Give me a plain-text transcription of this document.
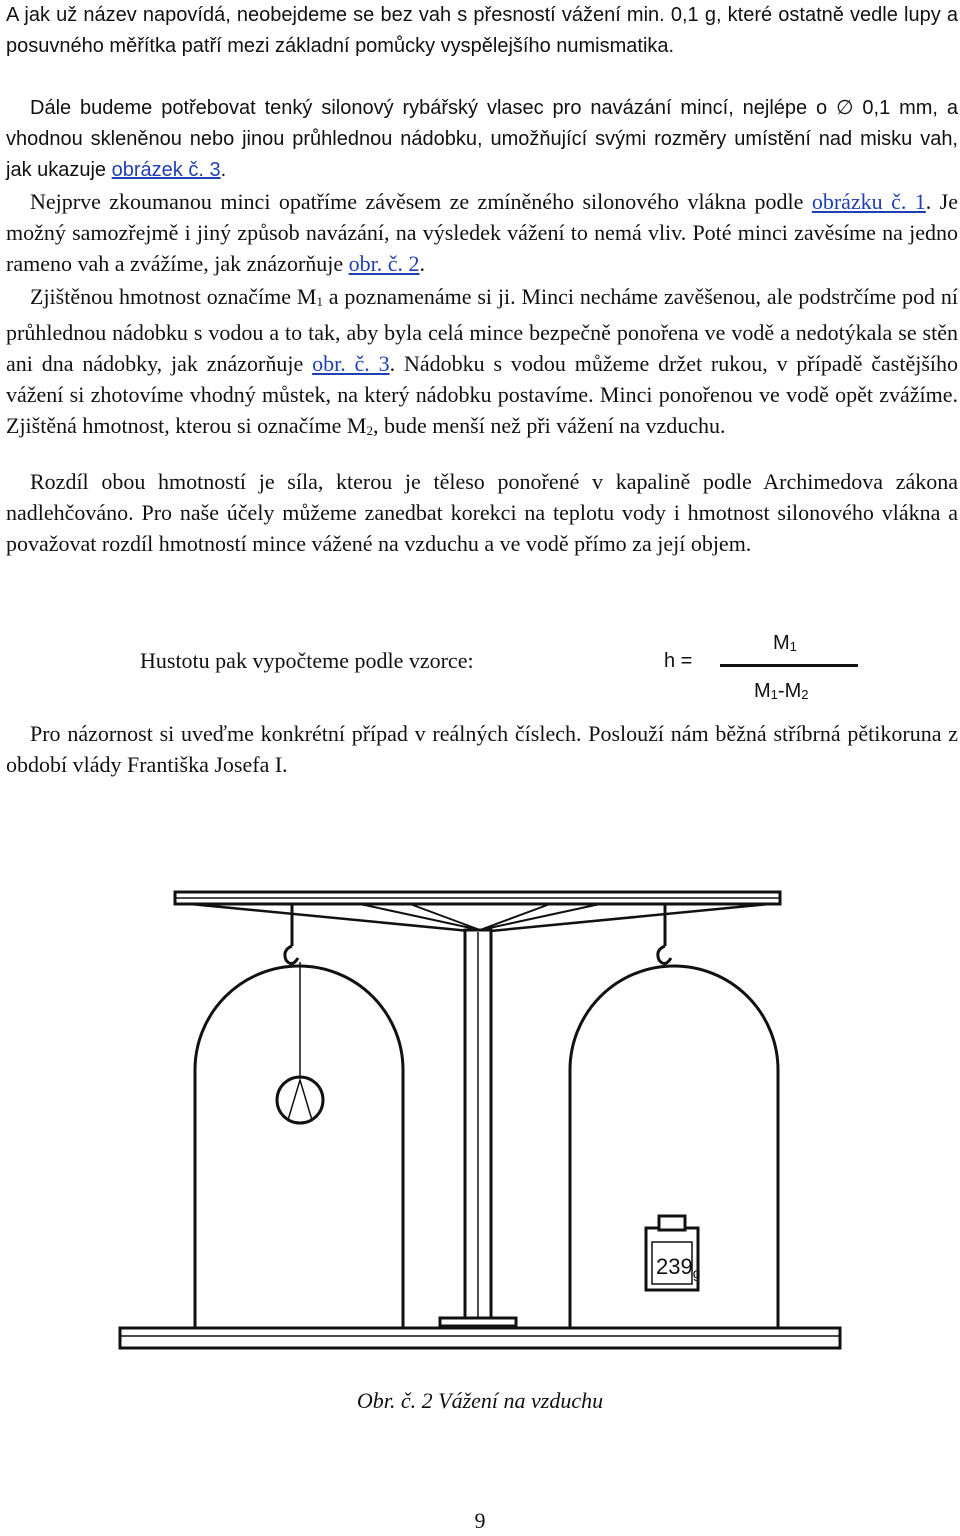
A jak už název napovídá, neobejdeme se bez vah s přesností vážení min. 0,1 g, které ostatně vedle lupy a posuvného měřítka patří mezi základní pomůcky vyspělejšího numismatika.

Dále budeme potřebovat tenký silonový rybářský vlasec pro navázání mincí, nejlépe o ∅ 0,1 mm, a vhodnou skleněnou nebo jinou průhlednou nádobku, umožňující svými rozměry umístění nad misku vah, jak ukazuje obrázek č. 3.

Nejprve zkoumanou minci opatříme závěsem ze zmíněného silonového vlákna podle obrázku č. 1. Je možný samozřejmě i jiný způsob navázání, na výsledek vážení to nemá vliv. Poté minci zavěsíme na jedno rameno vah a zvážíme, jak znázorňuje obr. č. 2.

Zjištěnou hmotnost označíme $M_1$ a poznamenáme si ji. Minci necháme zavěšenou, ale podstrčíme pod ní průhlednou nádobku s vodou a to tak, aby byla celá mince bezpečně ponořena ve vodě a nedotýkala se stěn ani dna nádobky, jak znázorňuje obr. č. 3. Nádobku s vodou můžeme držet rukou, v případě častějšího vážení si zhotovíme vhodný můstek, na který nádobku postavíme. Minci ponořenou ve vodě opět zvážíme. Zjištěná hmotnost, kterou si označíme $M_2$, bude menší než při vážení na vzduchu.

Rozdíl obou hmotností je síla, kterou je těleso ponořené v kapalině podle Archimedova zákona nadlehčováno. Pro naše účely můžeme zanedbat korekci na teplotu vody i hmotnost silonového vlákna a považovat rozdíl hmotností mince vážené na vzduchu a ve vodě přímo za její objem.

Hustotu pak vypočteme podle vzorce:	h =
$M_1$
$M_1-M_2$

Pro názornost si uveďme konkrétní případ v reálných číslech. Poslouží nám běžná stříbrná pětikoruna z období vlády Františka Josefa I.

239g
Obr. č. 2 Vážení na vzduchu
9
